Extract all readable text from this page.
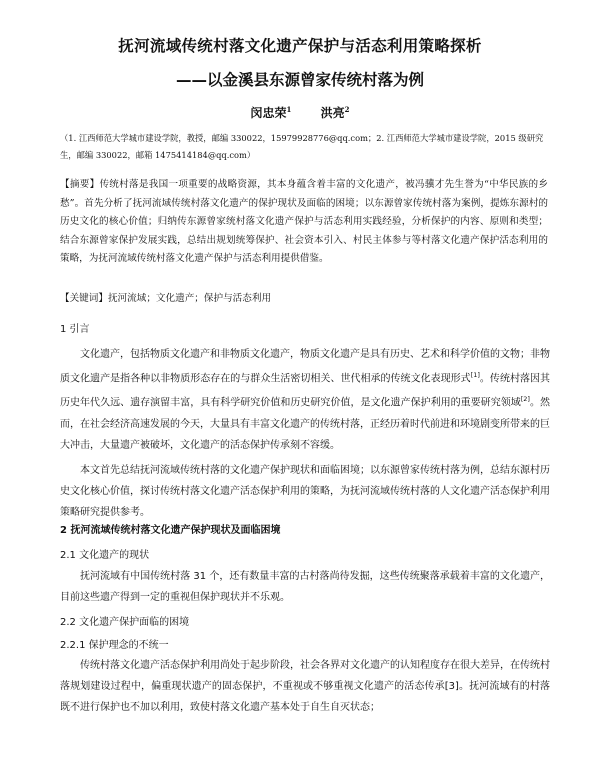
抚河流域传统村落文化遗产保护与活态利用策略探析
——以金溪县东源曾家传统村落为例
闵忠荣$^1$ 洪亮$^2$
（1. 江西师范大学城市建设学院，教授，邮编 330022，15979928776@qq.com；2. 江西师范大学城市建设学院，2015 级研究生，邮编 330022，邮箱 1475414184@qq.com）
【摘要】传统村落是我国一项重要的战略资源，其本身蕴含着丰富的文化遗产，被冯骥才先生誉为“中华民族的乡愁”。首先分析了抚河流域传统村落文化遗产的保护现状及面临的困境；以东源曾家传统村落为案例，提炼东源村的历史文化的核心价值；归纳传东源曾家统村落文化遗产保护与活态利用实践经验，分析保护的内容、原则和类型；结合东源曾家保护发展实践，总结出规划统筹保护、社会资本引入、村民主体参与等村落文化遗产保护活态利用的策略，为抚河流域传统村落文化遗产保护与活态利用提供借鉴。
【关键词】抚河流域；文化遗产；保护与活态利用
1 引言
文化遗产，包括物质文化遗产和非物质文化遗产，物质文化遗产是具有历史、艺术和科学价值的文物；非物质文化遗产是指各种以非物质形态存在的与群众生活密切相关、世代相承的传统文化表现形式[1]。传统村落因其历史年代久远、遗存演留丰富，具有科学研究价值和历史研究价值，是文化遗产保护利用的重要研究领域[2]。然而，在社会经济高速发展的今天，大量具有丰富文化遗产的传统村落，正经历着时代前进和环境剧变所带来的巨大冲击，大量遗产被破坏，文化遗产的活态保护传承刻不容缓。
本文首先总结抚河流域传统村落的文化遗产保护现状和面临困境；以东源曾家传统村落为例，总结东源村历史文化核心价值，探讨传统村落文化遗产活态保护利用的策略，为抚河流域传统村落的人文化遗产活态保护利用策略研究提供参考。
2 抚河流域传统村落文化遗产保护现状及面临困境
2.1 文化遗产的现状
抚河流域有中国传统村落 31 个，还有数量丰富的古村落尚待发掘，这些传统聚落承载着丰富的文化遗产，目前这些遗产得到一定的重视但保护现状并不乐观。
2.2 文化遗产保护面临的困境
2.2.1 保护理念的不统一
传统村落文化遗产活态保护利用尚处于起步阶段，社会各界对文化遗产的认知程度存在很大差异，在传统村落规划建设过程中，偏重现状遗产的固态保护，不重视或不够重视文化遗产的活态传承[3]。抚河流域有的村落既不进行保护也不加以利用，致使村落文化遗产基本处于自生自灭状态；
